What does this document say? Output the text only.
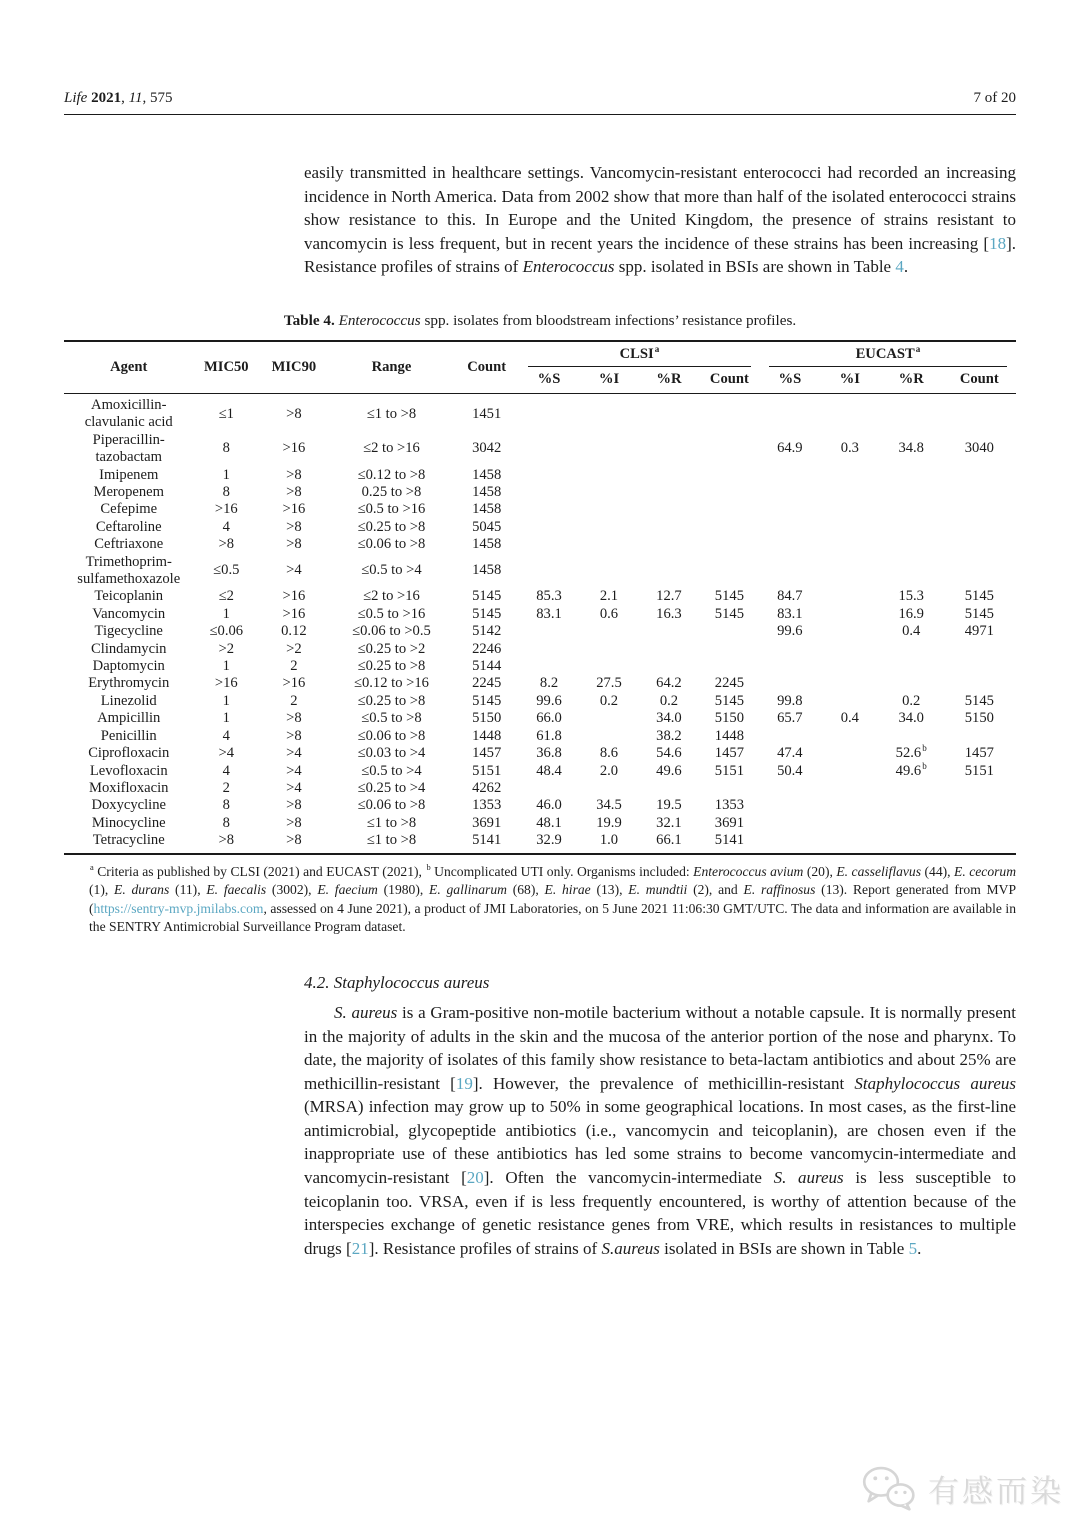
Life 2021, 11, 575	7 of 20

easily transmitted in healthcare settings. Vancomycin-resistant enterococci had recorded an increasing incidence in North America. Data from 2002 show that more than half of the isolated enterococci strains show resistance to this. In Europe and the United Kingdom, the presence of strains resistant to vancomycin is less frequent, but in recent years the incidence of these strains has been increasing [18]. Resistance profiles of strains of Enterococcus spp. isolated in BSIs are shown in Table 4.

Table 4. Enterococcus spp. isolates from bloodstream infections’ resistance profiles.

Agent	MIC50	MIC90	Range	Count	CLSI$^a$				EUCAST$^a$

					%S	%I	%R	Count	%S	%I	%R	Count
Amoxicillin-clavulanic acid	≤1	>8	≤1 to >8	1451								
Piperacillin-tazobactam	8	>16	≤2 to >16	3042					64.9	0.3	34.8	3040
Imipenem	1	>8	≤0.12 to >8	1458								
Meropenem	8	>8	0.25 to >8	1458								
Cefepime	>16	>16	≤0.5 to >16	1458								
Ceftaroline	4	>8	≤0.25 to >8	5045								
Ceftriaxone	>8	>8	≤0.06 to >8	1458								
Trimethoprim-sulfamethoxazole	≤0.5	>4	≤0.5 to >4	1458								
Teicoplanin	≤2	>16	≤2 to >16	5145	85.3	2.1	12.7	5145	84.7		15.3	5145
Vancomycin	1	>16	≤0.5 to >16	5145	83.1	0.6	16.3	5145	83.1		16.9	5145
Tigecycline	≤0.06	0.12	≤0.06 to >0.5	5142					99.6		0.4	4971
Clindamycin	>2	>2	≤0.25 to >2	2246								
Daptomycin	1	2	≤0.25 to >8	5144								
Erythromycin	>16	>16	≤0.12 to >16	2245	8.2	27.5	64.2	2245				
Linezolid	1	2	≤0.25 to >8	5145	99.6	0.2	0.2	5145	99.8		0.2	5145
Ampicillin	1	>8	≤0.5 to >8	5150	66.0		34.0	5150	65.7	0.4	34.0	5150
Penicillin	4	>8	≤0.06 to >8	1448	61.8		38.2	1448				
Ciprofloxacin	>4	>4	≤0.03 to >4	1457	36.8	8.6	54.6	1457	47.4		52.6$^b$	1457
Levofloxacin	4	>4	≤0.5 to >4	5151	48.4	2.0	49.6	5151	50.4		49.6$^b$	5151
Moxifloxacin	2	>4	≤0.25 to >4	4262								
Doxycycline	8	>8	≤0.06 to >8	1353	46.0	34.5	19.5	1353				
Minocycline	8	>8	≤1 to >8	3691	48.1	19.9	32.1	3691				
Tetracycline	>8	>8	≤1 to >8	5141	32.9	1.0	66.1	5141				

$^a$ Criteria as published by CLSI (2021) and EUCAST (2021), $^b$ Uncomplicated UTI only. Organisms included: Enterococcus avium (20), E. casseliflavus (44), E. cecorum (1), E. durans (11), E. faecalis (3002), E. faecium (1980), E. gallinarum (68), E. hirae (13), E. mundtii (2), and E. raffinosus (13). Report generated from MVP (https://sentry-mvp.jmilabs.com, assessed on 4 June 2021), a product of JMI Laboratories, on 5 June 2021 11:06:30 GMT/UTC. The data and information are available in the SENTRY Antimicrobial Surveillance Program dataset.

4.2. Staphylococcus aureus

S. aureus is a Gram-positive non-motile bacterium without a notable capsule. It is normally present in the majority of adults in the skin and the mucosa of the anterior portion of the nose and pharynx. To date, the majority of isolates of this family show resistance to beta-lactam antibiotics and about 25% are methicillin-resistant [19]. However, the prevalence of methicillin-resistant Staphylococcus aureus (MRSA) infection may grow up to 50% in some geographical locations. In most cases, as the first-line antimicrobial, glycopeptide antibiotics (i.e., vancomycin and teicoplanin), are chosen even if the inappropriate use of these antibiotics has led some strains to become vancomycin-intermediate and vancomycin-resistant [20]. Often the vancomycin-intermediate S. aureus is less susceptible to teicoplanin too. VRSA, even if is less frequently encountered, is worthy of attention because of the interspecies exchange of genetic resistance genes from VRE, which results in resistances to multiple drugs [21]. Resistance profiles of strains of S.aureus isolated in BSIs are shown in Table 5.

有感而染
